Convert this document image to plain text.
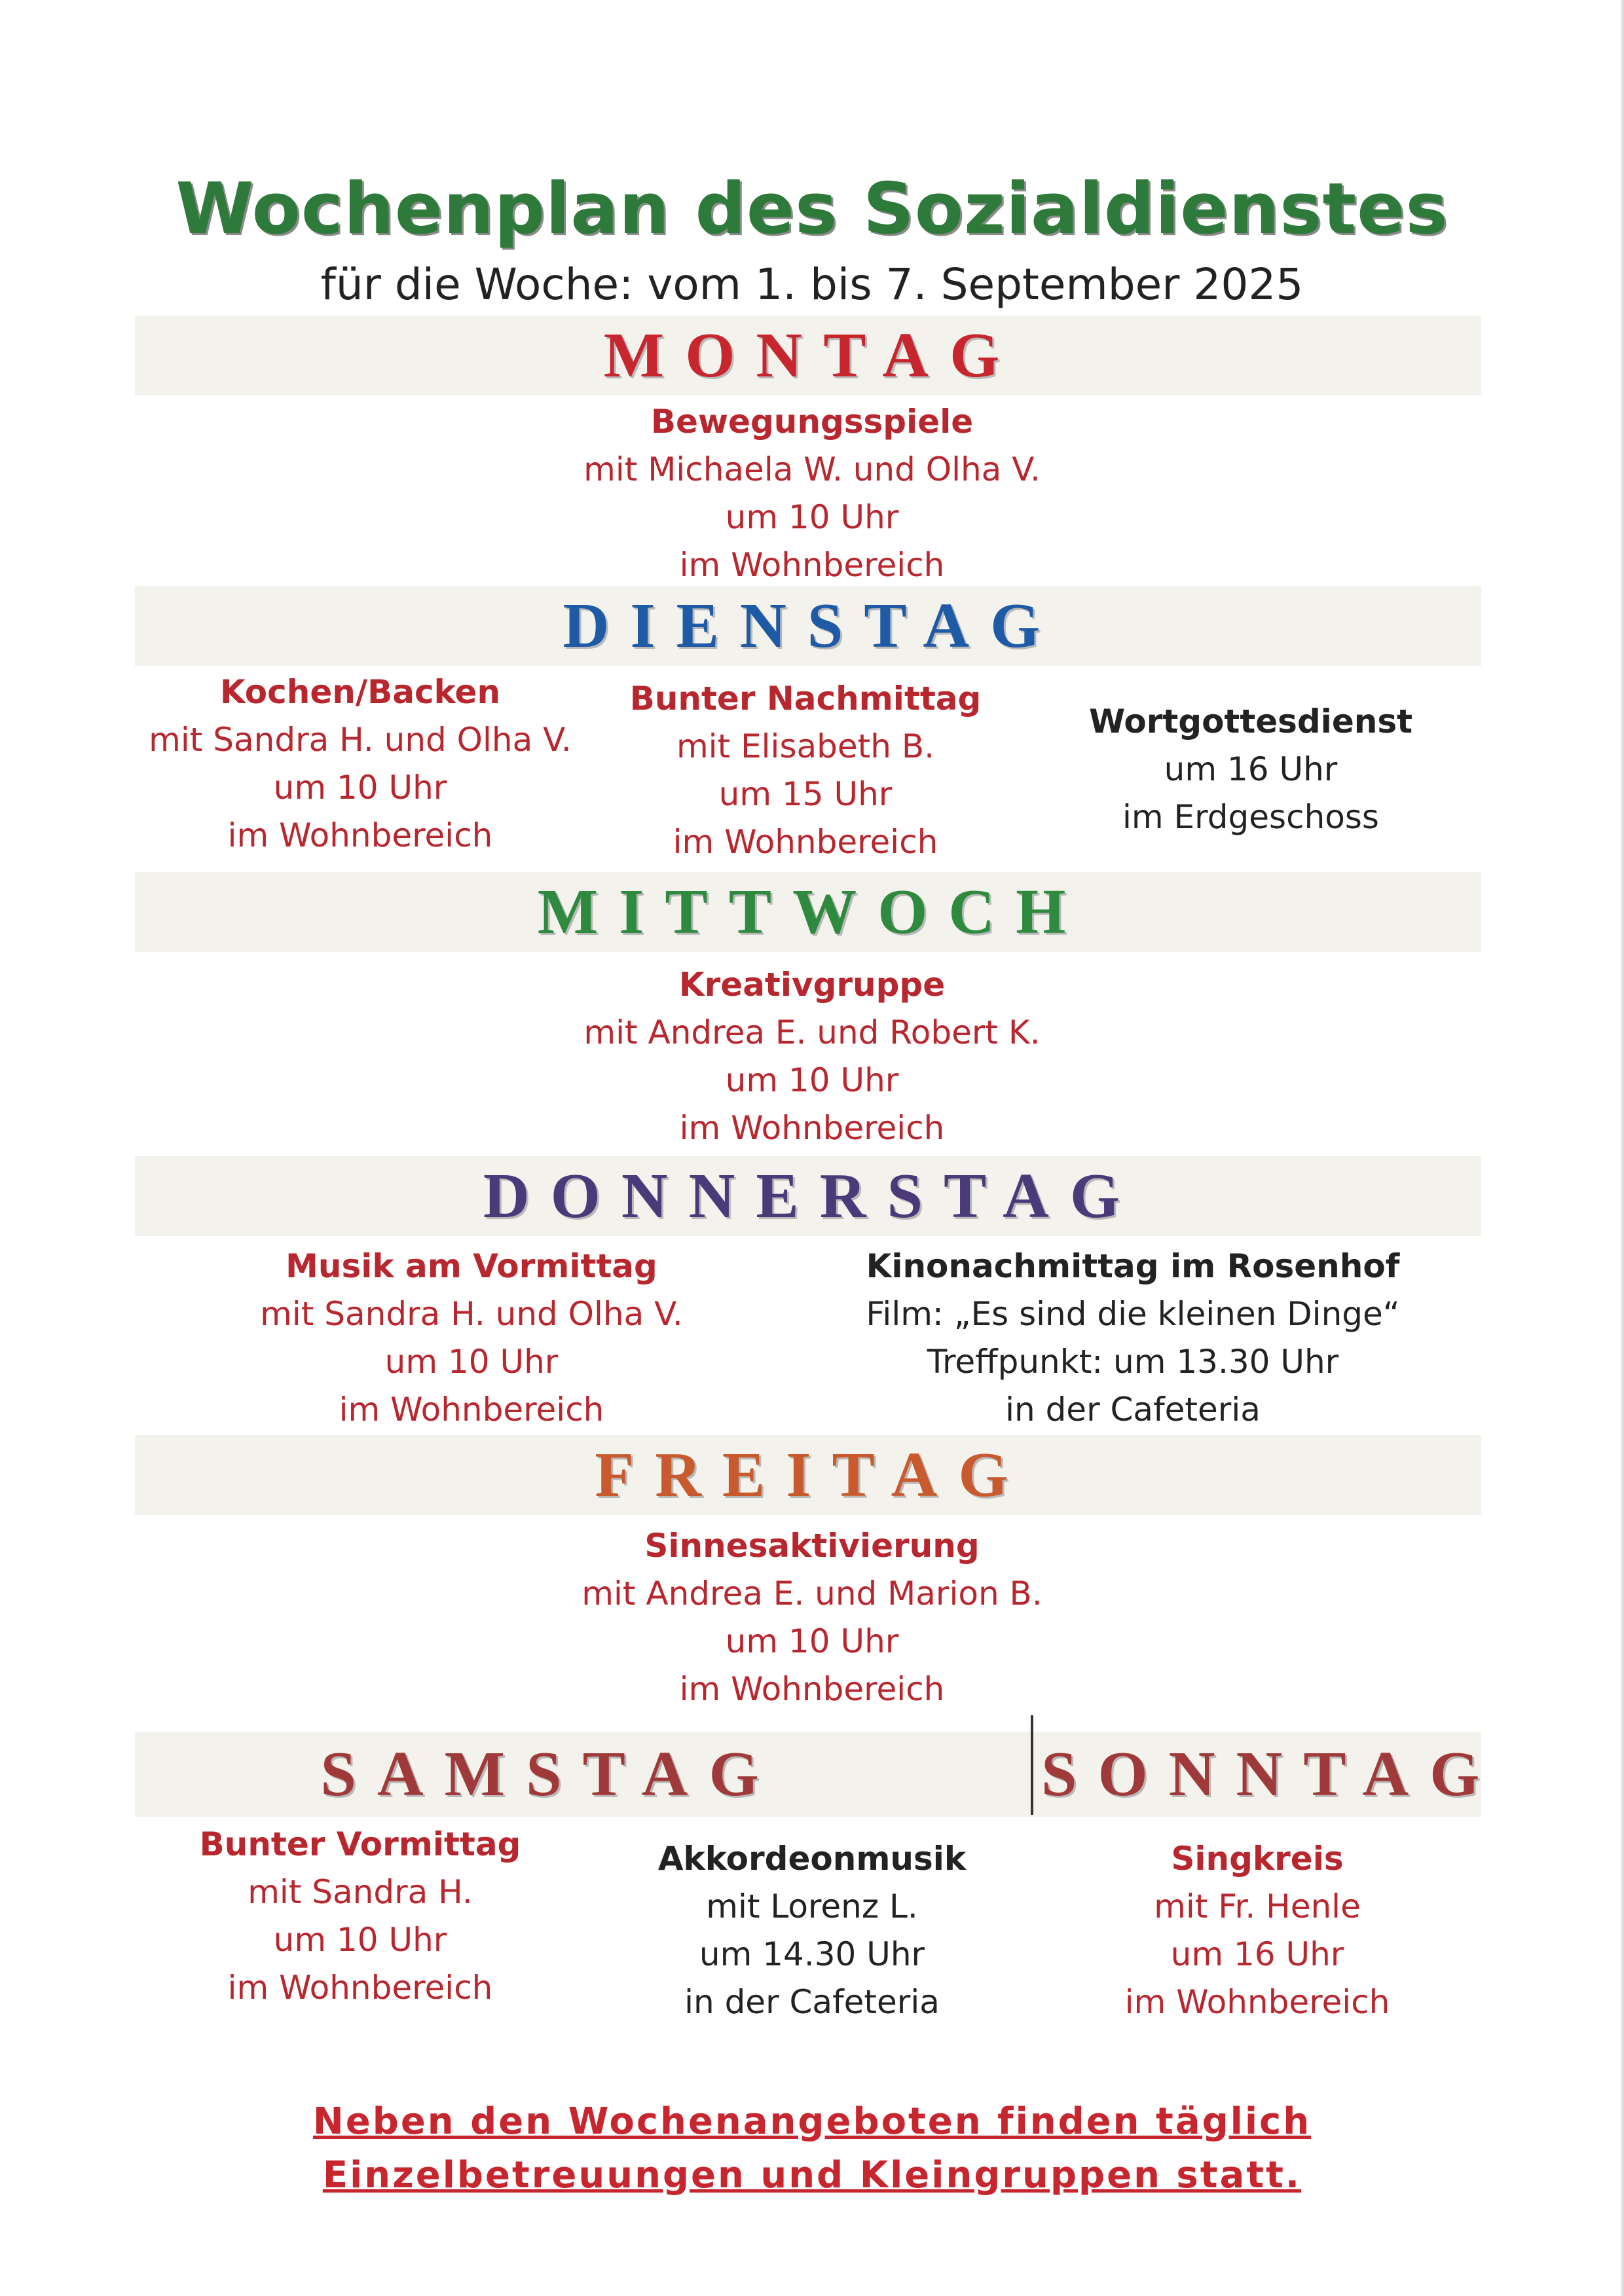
Wochenplan des Sozialdienstes
für die Woche: vom 1. bis 7. September 2025
MONTAG
Bewegungsspiele
mit Michaela W. und Olha V.
um 10 Uhr
im Wohnbereich
DIENSTAG
Kochen/Backen
mit Sandra H. und Olha V.
um 10 Uhr
im Wohnbereich
Bunter Nachmittag
mit Elisabeth B.
um 15 Uhr
im Wohnbereich
Wortgottesdienst
um 16 Uhr
im Erdgeschoss
MITTWOCH
Kreativgruppe
mit Andrea E. und Robert K.
um 10 Uhr
im Wohnbereich
DONNERSTAG
Musik am Vormittag
mit Sandra H. und Olha V.
um 10 Uhr
im Wohnbereich
Kinonachmittag im Rosenhof
Film: „Es sind die kleinen Dinge“
Treffpunkt: um 13.30 Uhr
in der Cafeteria
FREITAG
Sinnesaktivierung
mit Andrea E. und Marion B.
um 10 Uhr
im Wohnbereich
SAMSTAG	SONNTAG
Bunter Vormittag
mit Sandra H.
um 10 Uhr
im Wohnbereich
Akkordeonmusik
mit Lorenz L.
um 14.30 Uhr
in der Cafeteria
Singkreis
mit Fr. Henle
um 16 Uhr
im Wohnbereich
Neben den Wochenangeboten finden täglich
Einzelbetreuungen und Kleingruppen statt.
